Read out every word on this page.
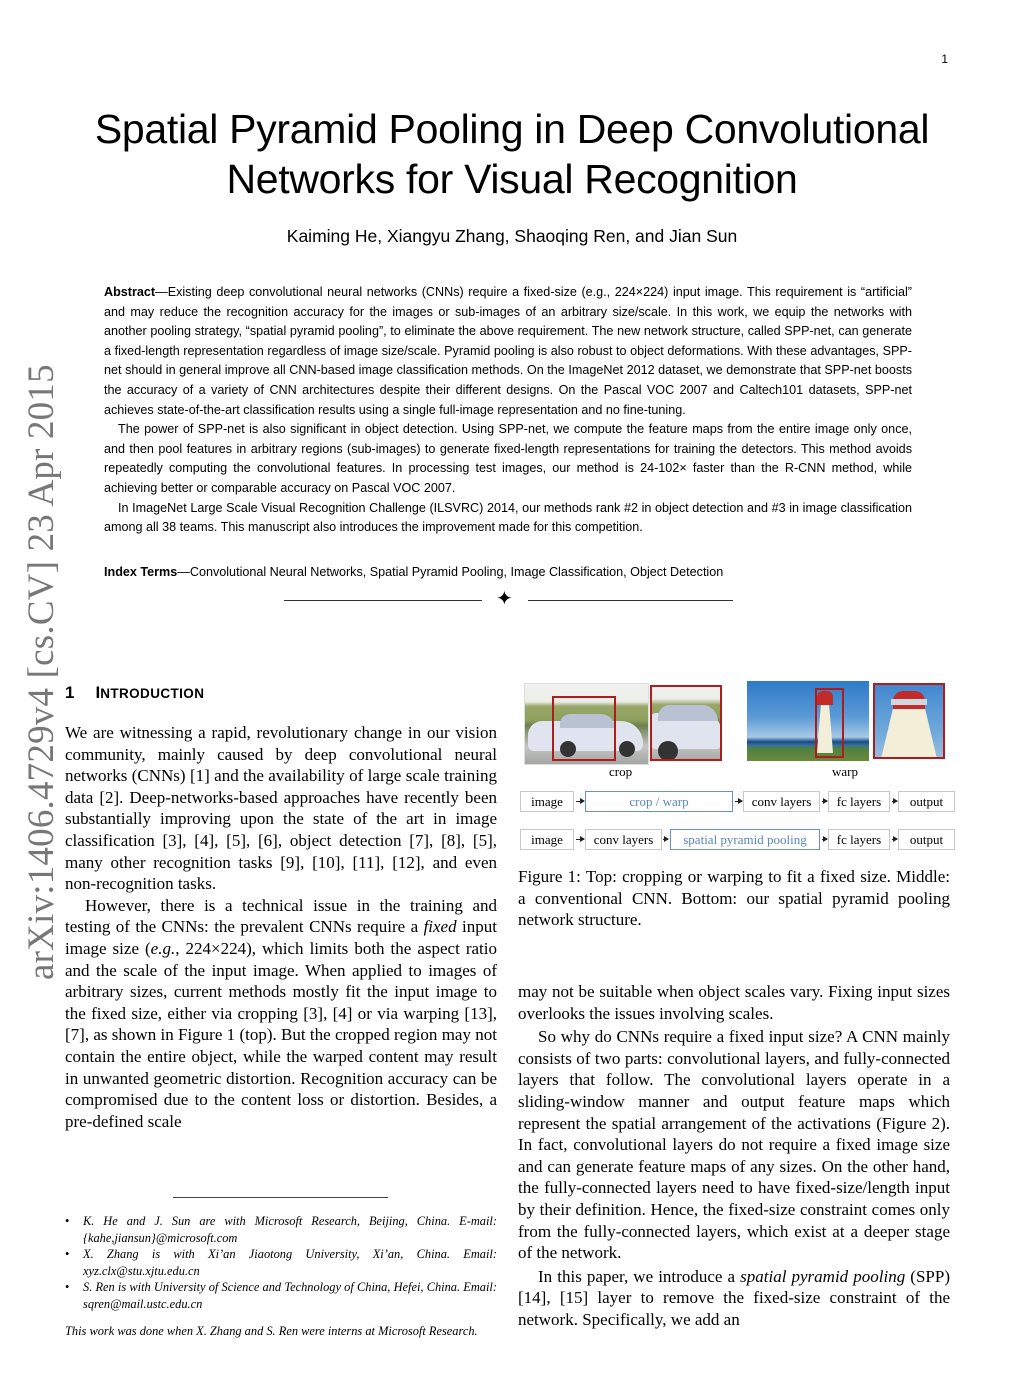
1
Spatial Pyramid Pooling in Deep Convolutional Networks for Visual Recognition
Kaiming He, Xiangyu Zhang, Shaoqing Ren, and Jian Sun

Abstract—Existing deep convolutional neural networks (CNNs) require a fixed-size (e.g., 224×224) input image. This requirement is “artificial” and may reduce the recognition accuracy for the images or sub-images of an arbitrary size/scale. In this work, we equip the networks with another pooling strategy, “spatial pyramid pooling”, to eliminate the above requirement. The new network structure, called SPP-net, can generate a fixed-length representation regardless of image size/scale. Pyramid pooling is also robust to object deformations. With these advantages, SPP-net should in general improve all CNN-based image classification methods. On the ImageNet 2012 dataset, we demonstrate that SPP-net boosts the accuracy of a variety of CNN architectures despite their different designs. On the Pascal VOC 2007 and Caltech101 datasets, SPP-net achieves state-of-the-art classification results using a single full-image representation and no fine-tuning.

The power of SPP-net is also significant in object detection. Using SPP-net, we compute the feature maps from the entire image only once, and then pool features in arbitrary regions (sub-images) to generate fixed-length representations for training the detectors. This method avoids repeatedly computing the convolutional features. In processing test images, our method is 24-102× faster than the R-CNN method, while achieving better or comparable accuracy on Pascal VOC 2007.

In ImageNet Large Scale Visual Recognition Challenge (ILSVRC) 2014, our methods rank #2 in object detection and #3 in image classification among all 38 teams. This manuscript also introduces the improvement made for this competition.

Index Terms—Convolutional Neural Networks, Spatial Pyramid Pooling, Image Classification, Object Detection
✦
arXiv:1406.4729v4 [cs.CV] 23 Apr 2015 1 INTRODUCTION

We are witnessing a rapid, revolutionary change in our vision community, mainly caused by deep convolutional neural networks (CNNs) [1] and the availability of large scale training data [2]. Deep-networks-based approaches have recently been substantially improving upon the state of the art in image classification [3], [4], [5], [6], object detection [7], [8], [5], many other recognition tasks [9], [10], [11], [12], and even non-recognition tasks.

However, there is a technical issue in the training and testing of the CNNs: the prevalent CNNs require a fixed input image size (e.g., 224×224), which limits both the aspect ratio and the scale of the input image. When applied to images of arbitrary sizes, current methods mostly fit the input image to the fixed size, either via cropping [3], [4] or via warping [13], [7], as shown in Figure 1 (top). But the cropped region may not contain the entire object, while the warped content may result in unwanted geometric distortion. Recognition accuracy can be compromised due to the content loss or distortion. Besides, a pre-defined scale

• K. He and J. Sun are with Microsoft Research, Beijing, China. E-mail: {kahe,jiansun}@microsoft.com
• X. Zhang is with Xi’an Jiaotong University, Xi’an, China. Email: xyz.clx@stu.xjtu.edu.cn
• S. Ren is with University of Science and Technology of China, Hefei, China. Email: sqren@mail.ustc.edu.cn
This work was done when X. Zhang and S. Ren were interns at Microsoft Research.
crop	warp
image	crop / warp	conv layers	fc layers	output
image	conv layers	spatial pyramid pooling	fc layers	output
Figure 1: Top: cropping or warping to fit a fixed size. Middle: a conventional CNN. Bottom: our spatial pyramid pooling network structure.

may not be suitable when object scales vary. Fixing input sizes overlooks the issues involving scales.

So why do CNNs require a fixed input size? A CNN mainly consists of two parts: convolutional layers, and fully-connected layers that follow. The convolutional layers operate in a sliding-window manner and output feature maps which represent the spatial arrangement of the activations (Figure 2). In fact, convolutional layers do not require a fixed image size and can generate feature maps of any sizes. On the other hand, the fully-connected layers need to have fixed-size/length input by their definition. Hence, the fixed-size constraint comes only from the fully-connected layers, which exist at a deeper stage of the network.

In this paper, we introduce a spatial pyramid pooling (SPP) [14], [15] layer to remove the fixed-size constraint of the network. Specifically, we add an
